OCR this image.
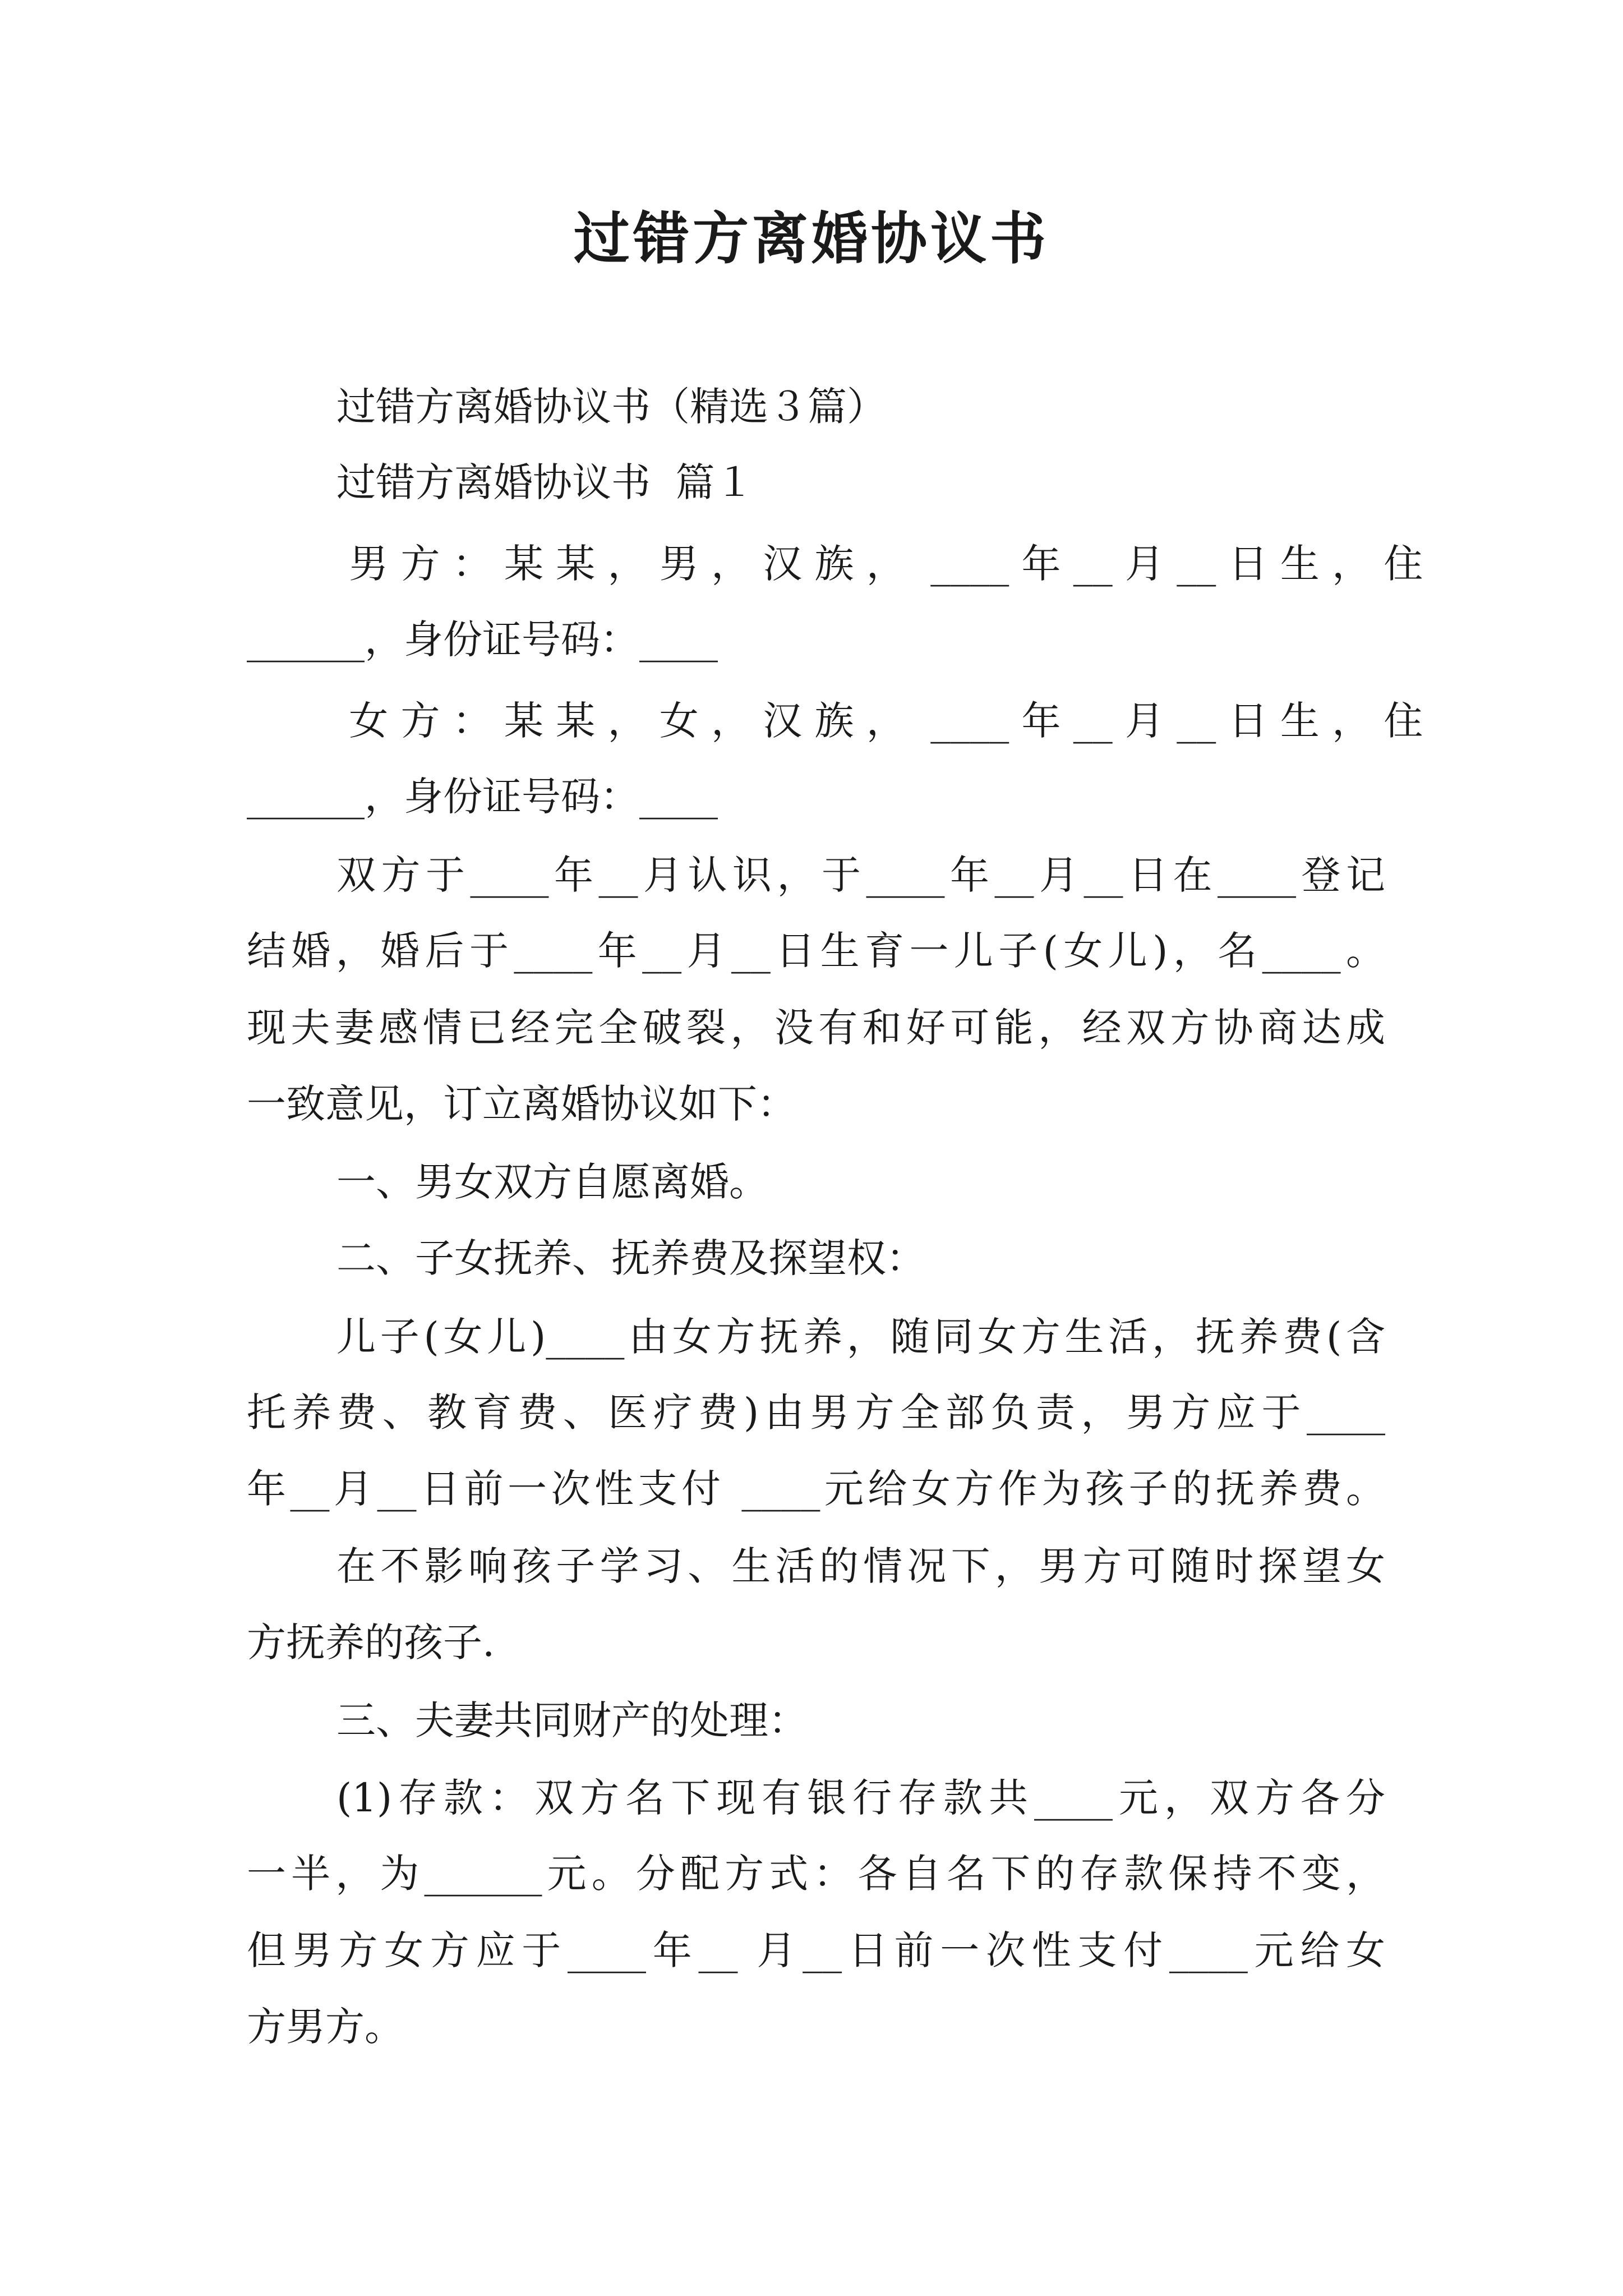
过错方离婚协议书

过错方离婚协议书（精选３篇）

过错方离婚协议书  篇１

男 方 ： 某 某 ， 男 ， 汉 族 ，  ____ 年 __ 月 __ 日 生 ， 住

______，身份证号码：____

女 方 ： 某 某 ， 女 ， 汉 族 ，  ____ 年 __ 月 __ 日 生 ， 住

______，身份证号码：____

双方于____年__月认识，于____年__月__日在____登记

结婚，婚后于____年__月__日生育一儿子(女儿)，名____。

现夫妻感情已经完全破裂，没有和好可能，经双方协商达成

一致意见，订立离婚协议如下：

一、男女双方自愿离婚。

二、子女抚养、抚养费及探望权：

儿子(女儿)____由女方抚养，随同女方生活，抚养费(含

托养费、教育费、医疗费)由男方全部负责，男方应于____

年__月__日前一次性支付 ____元给女方作为孩子的抚养费。

在不影响孩子学习、生活的情况下，男方可随时探望女

方抚养的孩子.

三、夫妻共同财产的处理：

(1)存款：双方名下现有银行存款共____元，双方各分

一半，为______元。分配方式：各自名下的存款保持不变，

但男方女方应于____年__ 月__日前一次性支付____元给女

方男方。
